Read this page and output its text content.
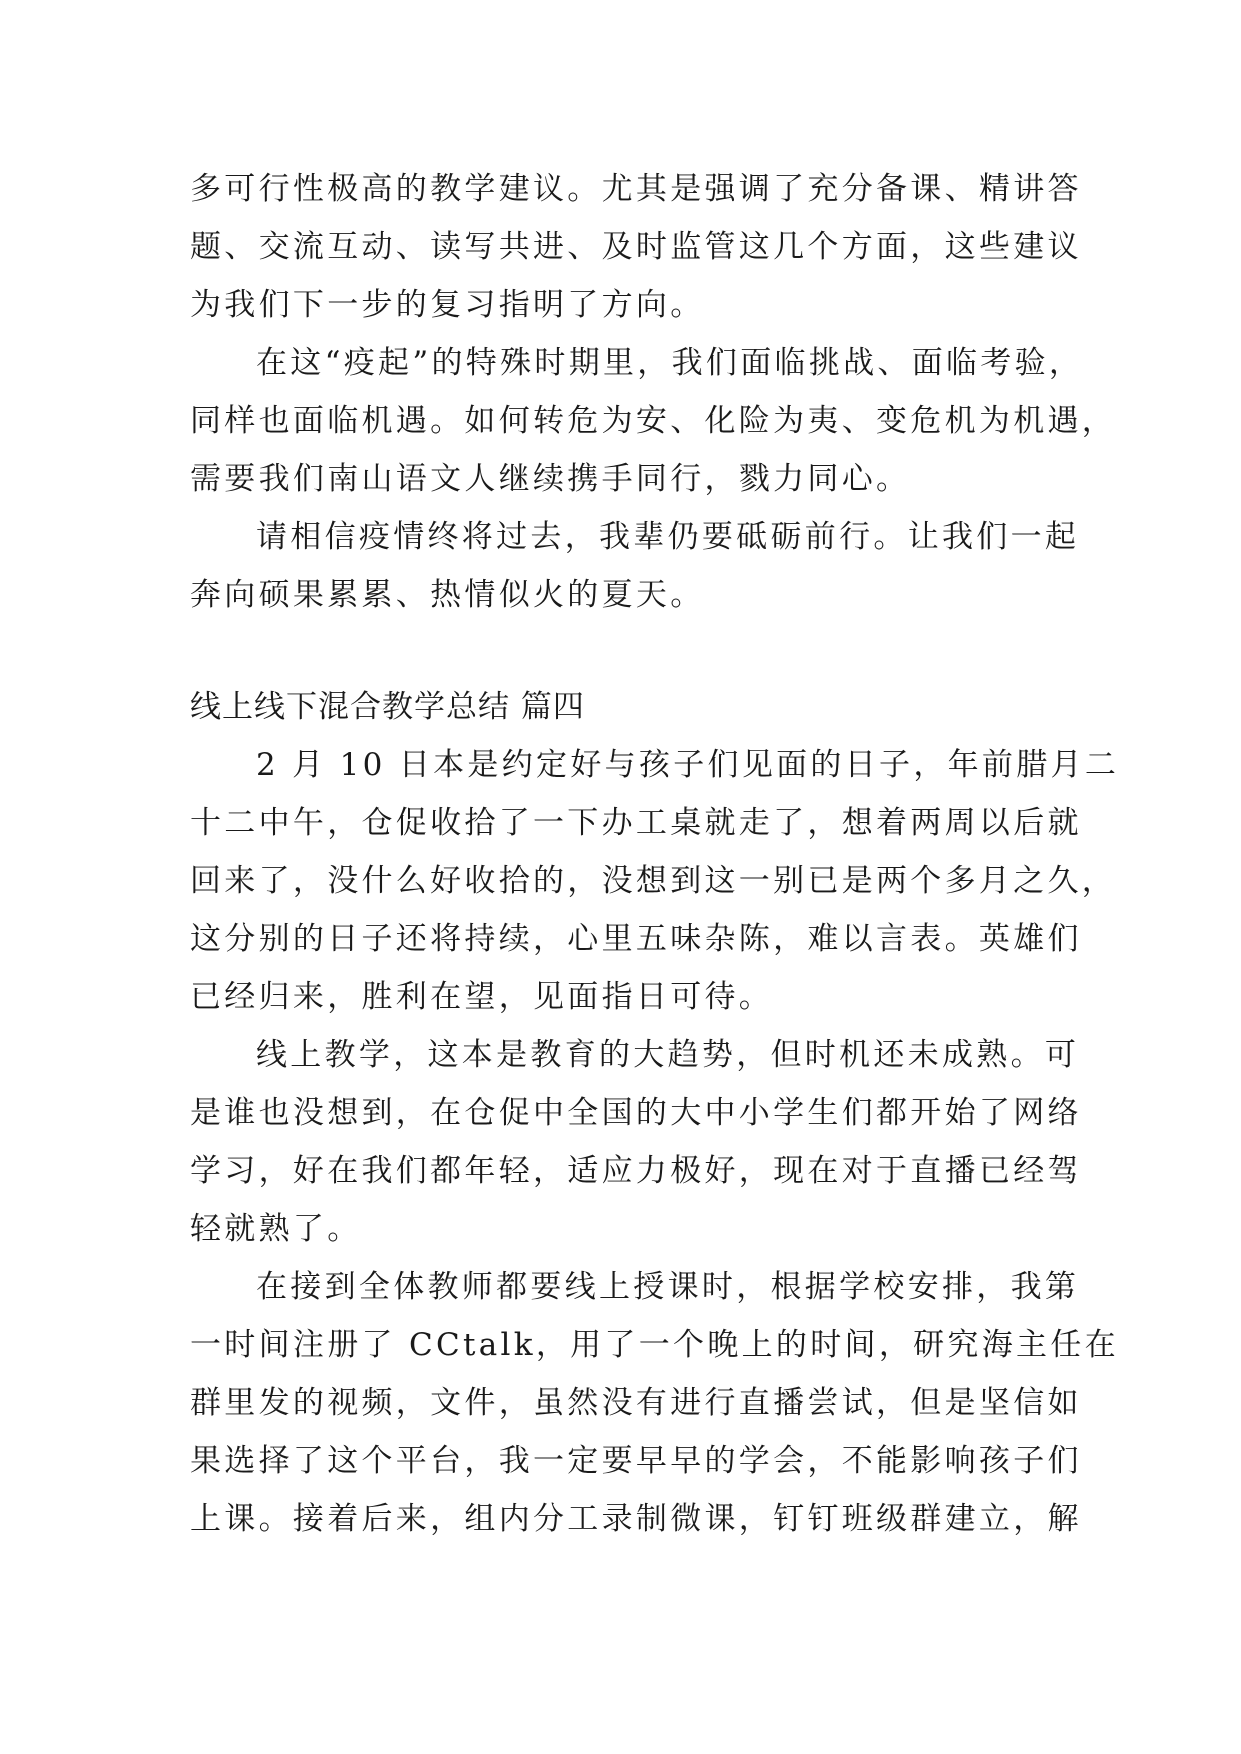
多可行性极高的教学建议。尤其是强调了充分备课、精讲答
题、交流互动、读写共进、及时监管这几个方面，这些建议
为我们下一步的复习指明了方向。
在这“疫起”的特殊时期里，我们面临挑战、面临考验，
同样也面临机遇。如何转危为安、化险为夷、变危机为机遇，
需要我们南山语文人继续携手同行，戮力同心。
请相信疫情终将过去，我辈仍要砥砺前行。让我们一起
奔向硕果累累、热情似火的夏天。
线上线下混合教学总结 篇四
2 月 10 日本是约定好与孩子们见面的日子，年前腊月二
十二中午，仓促收拾了一下办工桌就走了，想着两周以后就
回来了，没什么好收拾的，没想到这一别已是两个多月之久，
这分别的日子还将持续，心里五味杂陈，难以言表。英雄们
已经归来，胜利在望，见面指日可待。
线上教学，这本是教育的大趋势，但时机还未成熟。可
是谁也没想到，在仓促中全国的大中小学生们都开始了网络
学习，好在我们都年轻，适应力极好，现在对于直播已经驾
轻就熟了。
在接到全体教师都要线上授课时，根据学校安排，我第
一时间注册了 CCtalk，用了一个晚上的时间，研究海主任在
群里发的视频，文件，虽然没有进行直播尝试，但是坚信如
果选择了这个平台，我一定要早早的学会，不能影响孩子们
上课。接着后来，组内分工录制微课，钉钉班级群建立，解
